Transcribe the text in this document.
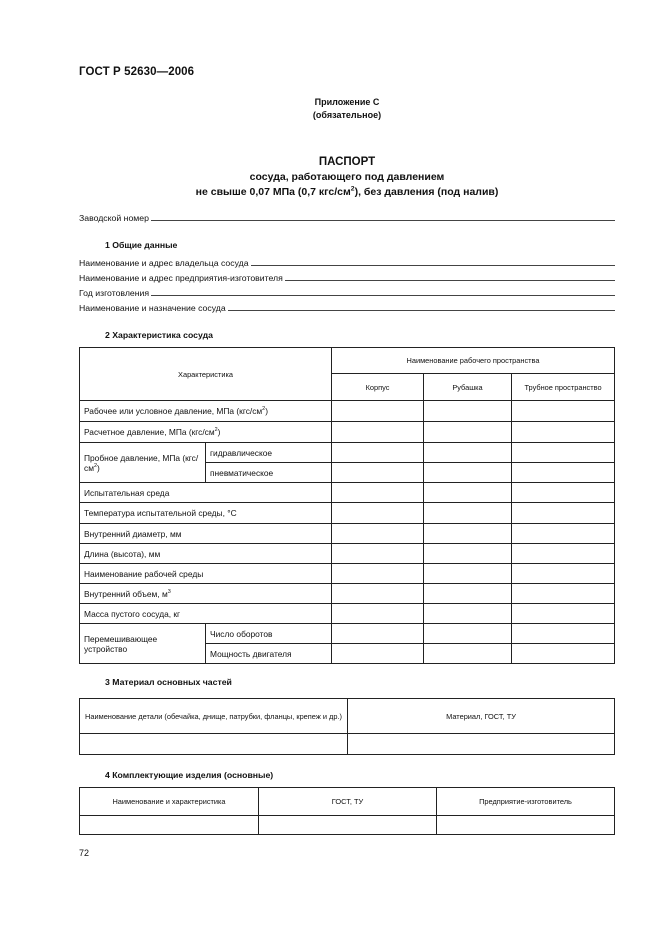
ГОСТ Р 52630—2006
Приложение С
(обязательное)
ПАСПОРТ
сосуда, работающего под давлением
не свыше 0,07 МПа (0,7 кгс/$см^2$), без давления (под налив)
Заводской номер
1 Общие данные
Наименование и адрес владельца сосуда
Наименование и адрес предприятия-изготовителя
Год изготовления
Наименование и назначение сосуда
2 Характеристика сосуда
Характеристика		Наименование рабочего пространства		
		Корпус	Рубашка	Трубное пространство
Рабочее или условное давление, МПа $(кгс/см^2)$				
Расчетное давление, МПа $(кгс/см^2)$				
Пробное давление, МПа $(кгс/см^2)$	гидравлическое			
	пневматическое			
Испытательная среда				
Температура испытательной среды, °С				
Внутренний диаметр, мм				
Длина (высота), мм				
Наименование рабочей среды				
Внутренний объем, $м^3$			
Масса пустого сосуда, кг				
Перемешивающее устройство	Число оборотов			
	Мощность двигателя			
3 Материал основных частей
Наименование детали (обечайка, днище, патрубки, фланцы, крепеж и др.)	Материал, ГОСТ, ТУ

4 Комплектующие изделия (основные)
Наименование и характеристика	ГОСТ, ТУ	Предприятие-изготовитель

72
